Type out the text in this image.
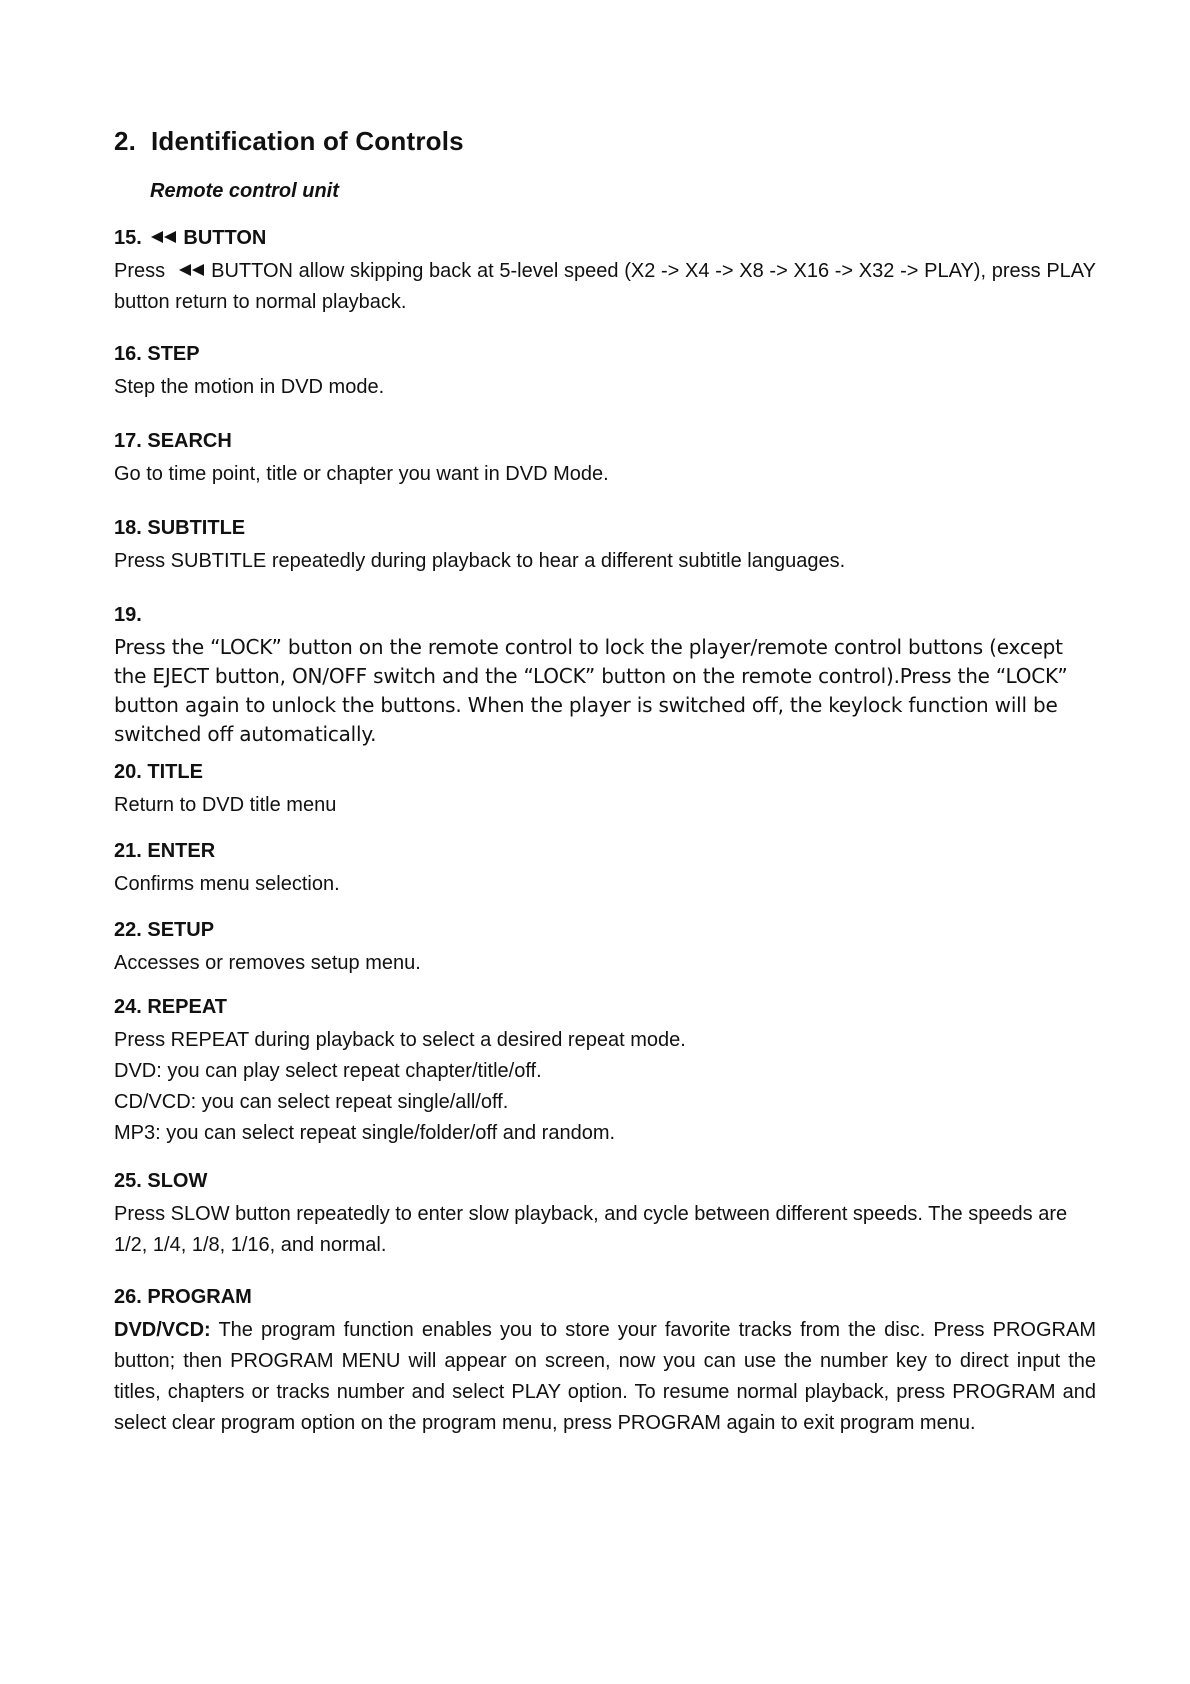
2. Identification of Controls
Remote control unit
15. BUTTON

Press BUTTON allow skipping back at 5-level speed (X2 -> X4 -> X8 -> X16 -> X32 -> PLAY), press PLAY button return to normal playback.

16. STEP

Step the motion in DVD mode.

17. SEARCH

Go to time point, title or chapter you want in DVD Mode.

18. SUBTITLE

Press SUBTITLE repeatedly during playback to hear a different subtitle languages.

19.

Press the “LOCK” button on the remote control to lock the player/remote control buttons (except the EJECT button, ON/OFF switch and the “LOCK” button on the remote control).Press the “LOCK” button again to unlock the buttons. When the player is switched off, the keylock function will be switched off automatically.

20. TITLE

Return to DVD title menu

21. ENTER

Confirms menu selection.

22. SETUP

Accesses or removes setup menu.

24. REPEAT

Press REPEAT during playback to select a desired repeat mode.
DVD: you can play select repeat chapter/title/off.
CD/VCD: you can select repeat single/all/off.
MP3: you can select repeat single/folder/off and random.

25. SLOW

Press SLOW button repeatedly to enter slow playback, and cycle between different speeds. The speeds are 1/2, 1/4, 1/8, 1/16, and normal.

26. PROGRAM

DVD/VCD: The program function enables you to store your favorite tracks from the disc. Press PROGRAM button; then PROGRAM MENU will appear on screen, now you can use the number key to direct input the titles, chapters or tracks number and select PLAY option. To resume normal playback, press PROGRAM and select clear program option on the program menu, press PROGRAM again to exit program menu.
